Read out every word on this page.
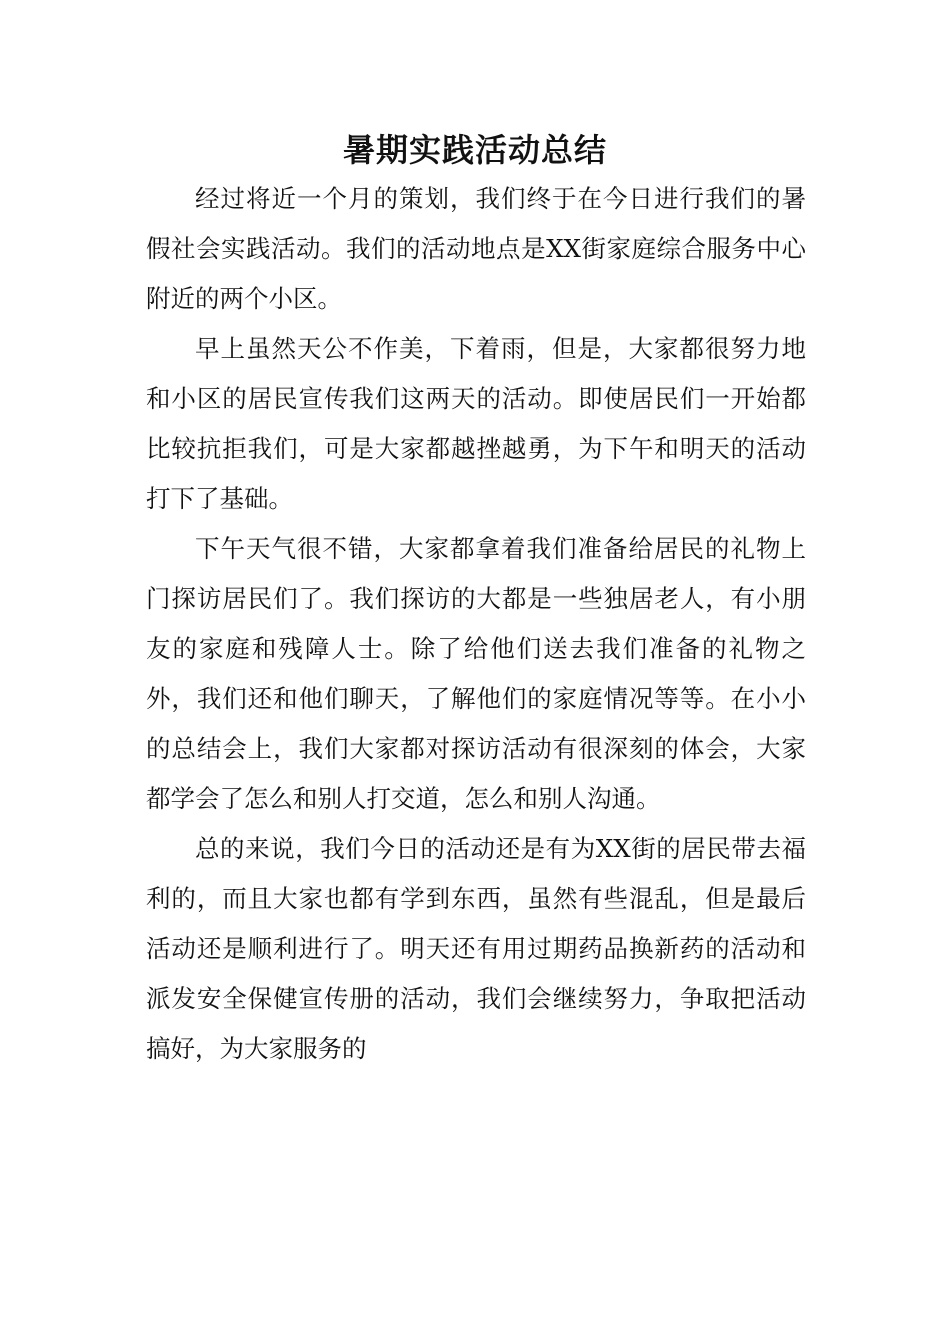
暑期实践活动总结

经过将近一个月的策划，我们终于在今日进行我们的暑假社会实践活动。我们的活动地点是XX街家庭综合服务中心附近的两个小区。

早上虽然天公不作美，下着雨，但是，大家都很努力地和小区的居民宣传我们这两天的活动。即使居民们一开始都比较抗拒我们，可是大家都越挫越勇，为下午和明天的活动打下了基础。

下午天气很不错，大家都拿着我们准备给居民的礼物上门探访居民们了。我们探访的大都是一些独居老人，有小朋友的家庭和残障人士。除了给他们送去我们准备的礼物之外，我们还和他们聊天，了解他们的家庭情况等等。在小小的总结会上，我们大家都对探访活动有很深刻的体会，大家都学会了怎么和别人打交道，怎么和别人沟通。

总的来说，我们今日的活动还是有为XX街的居民带去福利的，而且大家也都有学到东西，虽然有些混乱，但是最后活动还是顺利进行了。明天还有用过期药品换新药的活动和派发安全保健宣传册的活动，我们会继续努力，争取把活动搞好，为大家服务的
